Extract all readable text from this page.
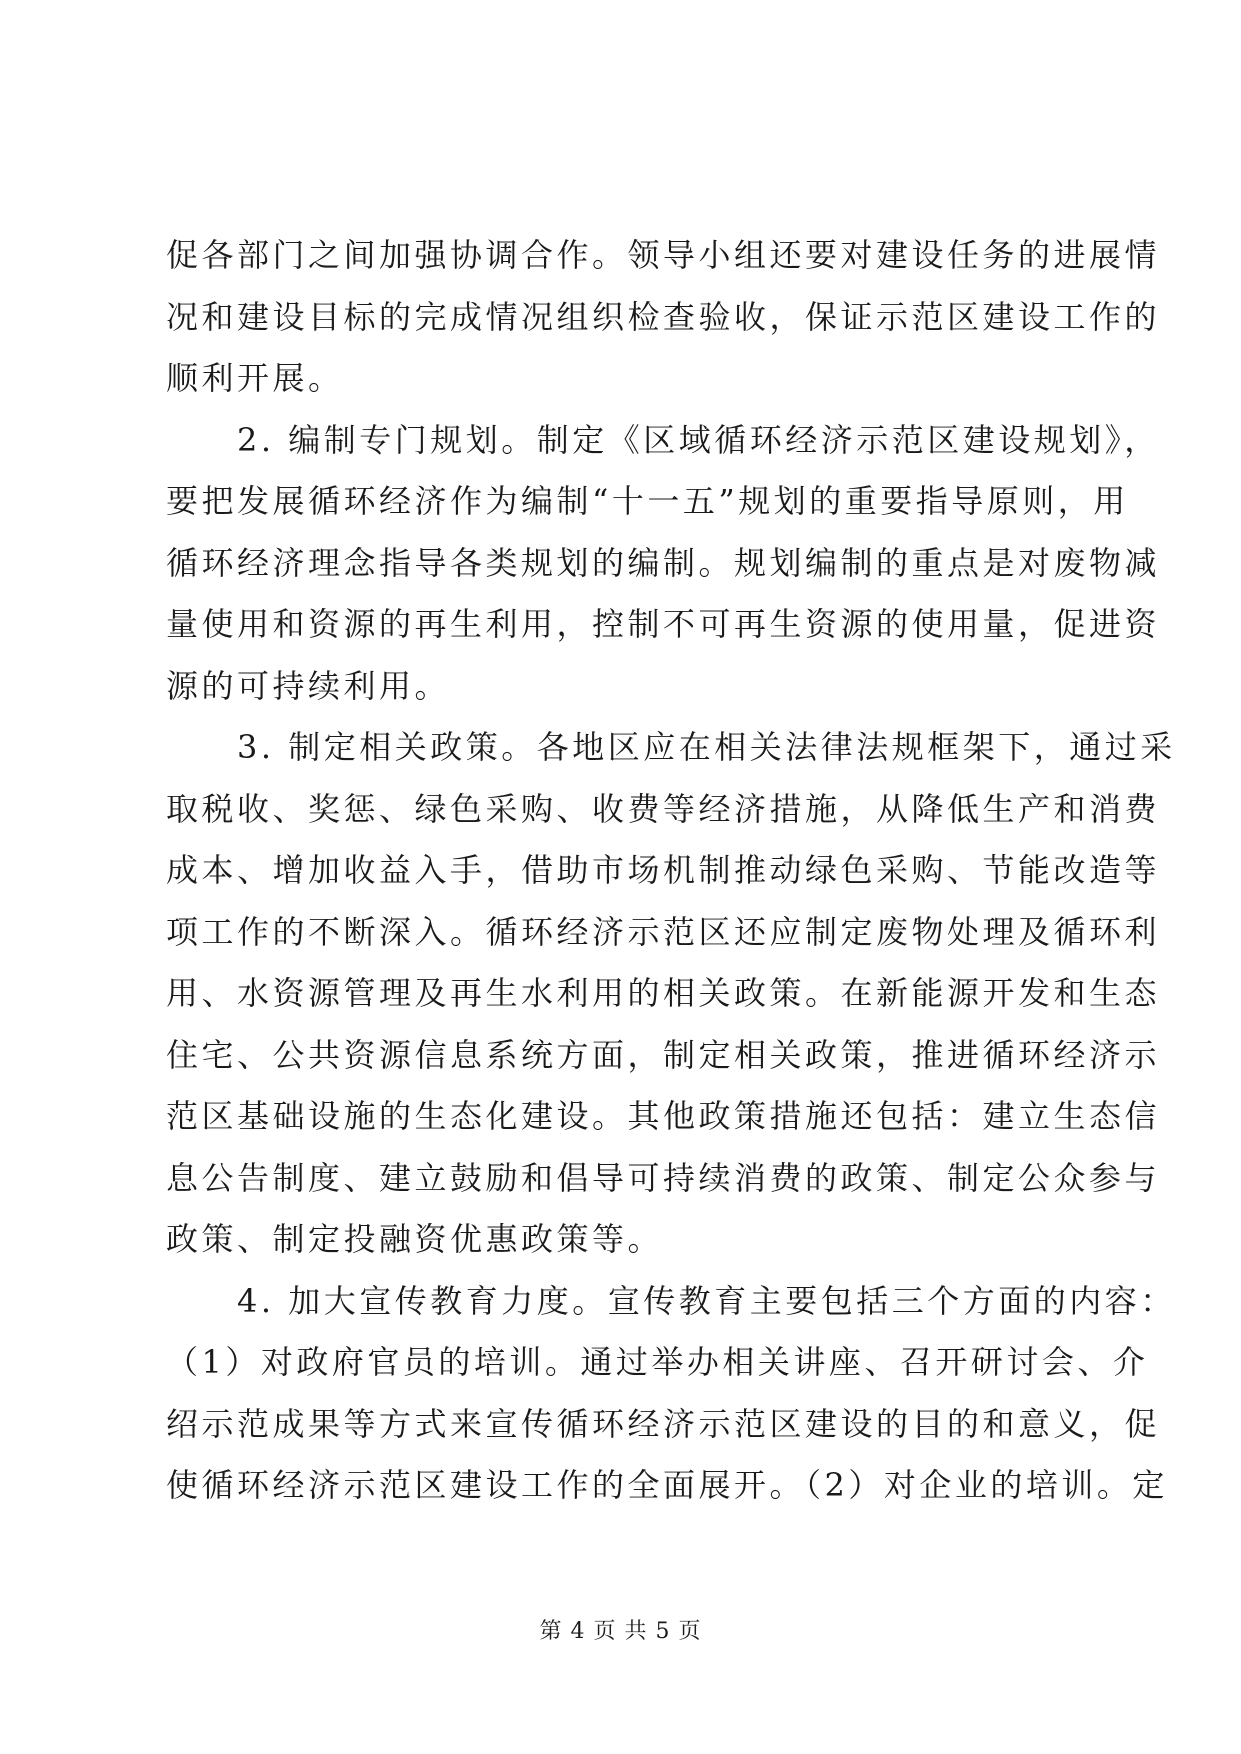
促各部门之间加强协调合作。领导小组还要对建设任务的进展情
况和建设目标的完成情况组织检查验收，保证示范区建设工作的
顺利开展。
　　2. 编制专门规划。制定《区域循环经济示范区建设规划》，
要把发展循环经济作为编制“十一五”规划的重要指导原则，用
循环经济理念指导各类规划的编制。规划编制的重点是对废物减
量使用和资源的再生利用，控制不可再生资源的使用量，促进资
源的可持续利用。
　　3. 制定相关政策。各地区应在相关法律法规框架下，通过采
取税收、奖惩、绿色采购、收费等经济措施，从降低生产和消费
成本、增加收益入手，借助市场机制推动绿色采购、节能改造等
项工作的不断深入。循环经济示范区还应制定废物处理及循环利
用、水资源管理及再生水利用的相关政策。在新能源开发和生态
住宅、公共资源信息系统方面，制定相关政策，推进循环经济示
范区基础设施的生态化建设。其他政策措施还包括：建立生态信
息公告制度、建立鼓励和倡导可持续消费的政策、制定公众参与
政策、制定投融资优惠政策等。
　　4. 加大宣传教育力度。宣传教育主要包括三个方面的内容：
（1）对政府官员的培训。通过举办相关讲座、召开研讨会、介
绍示范成果等方式来宣传循环经济示范区建设的目的和意义，促
使循环经济示范区建设工作的全面展开。（2）对企业的培训。定
第 4 页 共 5 页
